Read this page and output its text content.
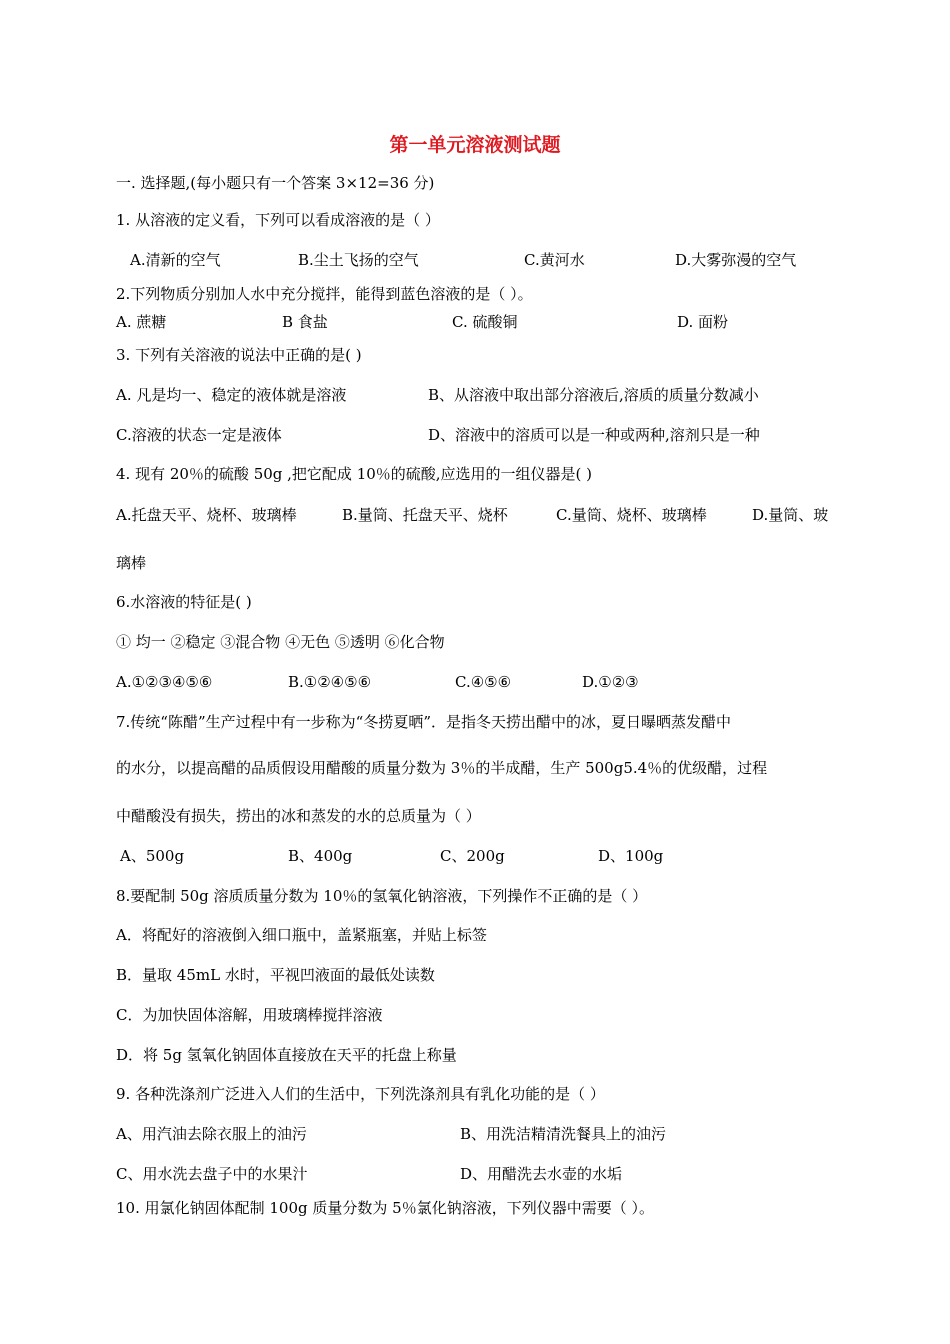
第一单元溶液测试题
一. 选择题,(每小题只有一个答案 3×12=36 分)
1. 从溶液的定义看，下列可以看成溶液的是（ ）
A.清新的空气	B.尘土飞扬的空气	C.黄河水	D.大雾弥漫的空气
2.下列物质分别加人水中充分搅拌，能得到蓝色溶液的是（ ）。
A. 蔗糖	B 食盐	C. 硫酸铜	D. 面粉
3. 下列有关溶液的说法中正确的是( )
A. 凡是均一、稳定的液体就是溶液	B、从溶液中取出部分溶液后,溶质的质量分数减小
C.溶液的状态一定是液体	D、溶液中的溶质可以是一种或两种,溶剂只是一种
4. 现有 20％的硫酸 50g ,把它配成 10％的硫酸,应选用的一组仪器是( )
A.托盘天平、烧杯、玻璃棒	B.量筒、托盘天平、烧杯	C.量筒、烧杯、玻璃棒	D.量筒、玻
璃棒
6.水溶液的特征是( )
① 均一 ②稳定 ③混合物 ④无色 ⑤透明 ⑥化合物
A.①②③④⑤⑥	B.①②④⑤⑥	C.④⑤⑥	D.①②③
7.传统“陈醋”生产过程中有一步称为“冬捞夏晒”．是指冬天捞出醋中的冰，夏日曝晒蒸发醋中
的水分，以提高醋的品质假设用醋酸的质量分数为 3％的半成醋，生产 500g5.4％的优级醋，过程
中醋酸没有损失，捞出的冰和蒸发的水的总质量为（ ）
A、500g	B、400g	C、200g	D、100g
8.要配制 50g 溶质质量分数为 10％的氢氧化钠溶液，下列操作不正确的是（ ）
A．将配好的溶液倒入细口瓶中，盖紧瓶塞，并贴上标签
B．量取 45mL 水时，平视凹液面的最低处读数
C．为加快固体溶解，用玻璃棒搅拌溶液
D．将 5g 氢氧化钠固体直接放在天平的托盘上称量
9. 各种洗涤剂广泛进入人们的生活中，下列洗涤剂具有乳化功能的是（ ）
A、用汽油去除衣服上的油污	B、用洗洁精清洗餐具上的油污
C、用水洗去盘子中的水果汁	D、用醋洗去水壶的水垢
10. 用氯化钠固体配制 100g 质量分数为 5％氯化钠溶液，下列仪器中需要（ ）。
